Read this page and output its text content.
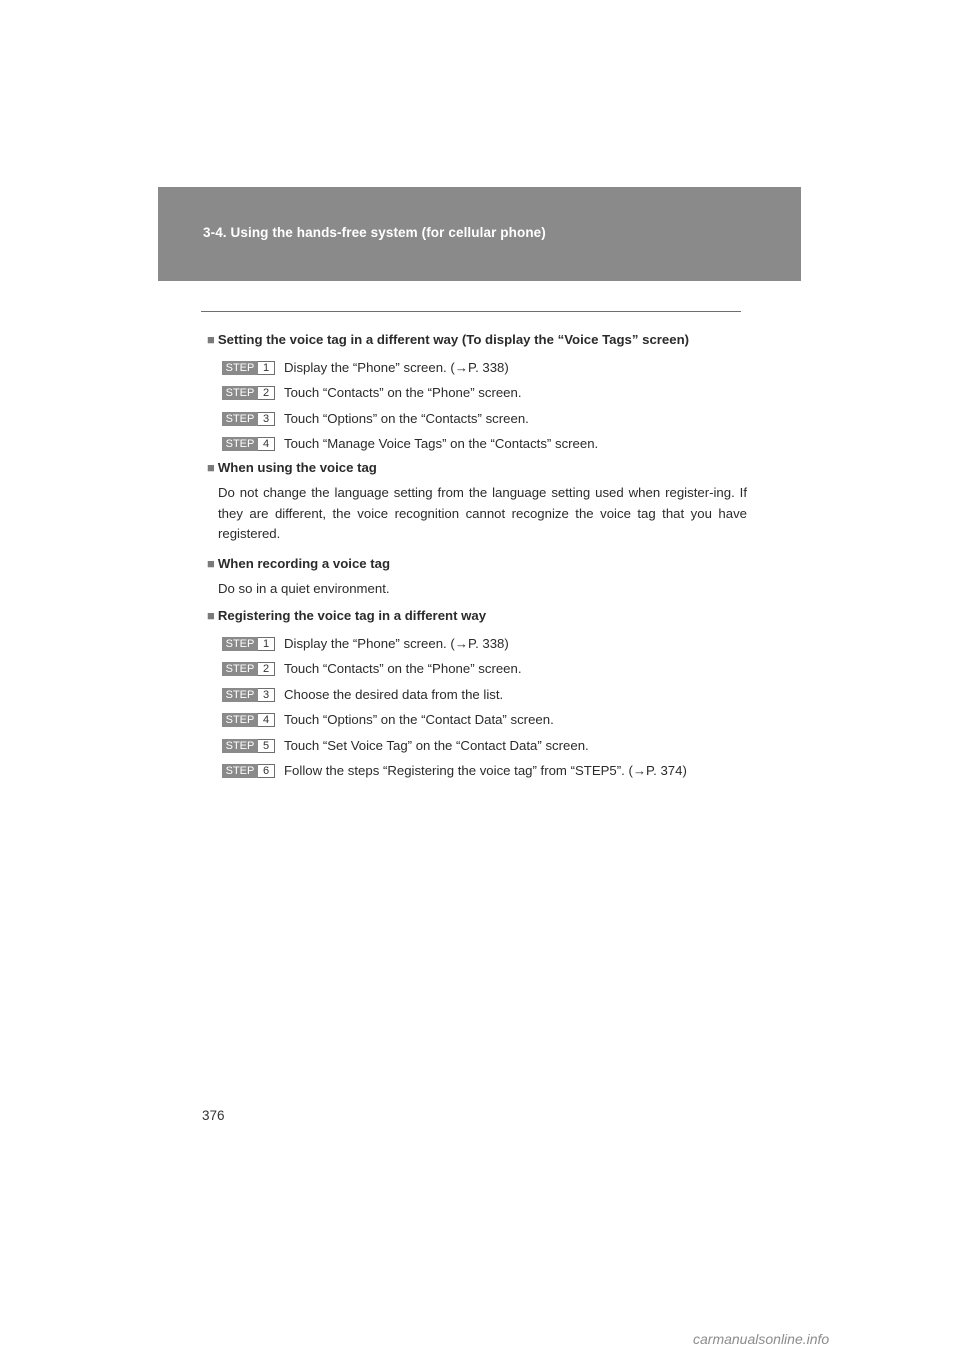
3-4. Using the hands-free system (for cellular phone)

■ Setting the voice tag in a different way (To display the “Voice Tags” screen)

STEP 1	Display the “Phone” screen. (→P. 338)
STEP 2	Touch “Contacts” on the “Phone” screen.
STEP 3	Touch “Options” on the “Contacts” screen.
STEP 4	Touch “Manage Voice Tags” on the “Contacts” screen.

■ When using the voice tag

Do not change the language setting from the language setting used when register-ing. If they are different, the voice recognition cannot recognize the voice tag that you have registered.

■ When recording a voice tag

Do so in a quiet environment.

■ Registering the voice tag in a different way

STEP 1	Display the “Phone” screen. (→P. 338)
STEP 2	Touch “Contacts” on the “Phone” screen.
STEP 3	Choose the desired data from the list.
STEP 4	Touch “Options” on the “Contact Data” screen.
STEP 5	Touch “Set Voice Tag” on the “Contact Data” screen.
STEP 6	Follow the steps “Registering the voice tag” from “STEP5”. (→P. 374)
376
carmanualsonline.info
